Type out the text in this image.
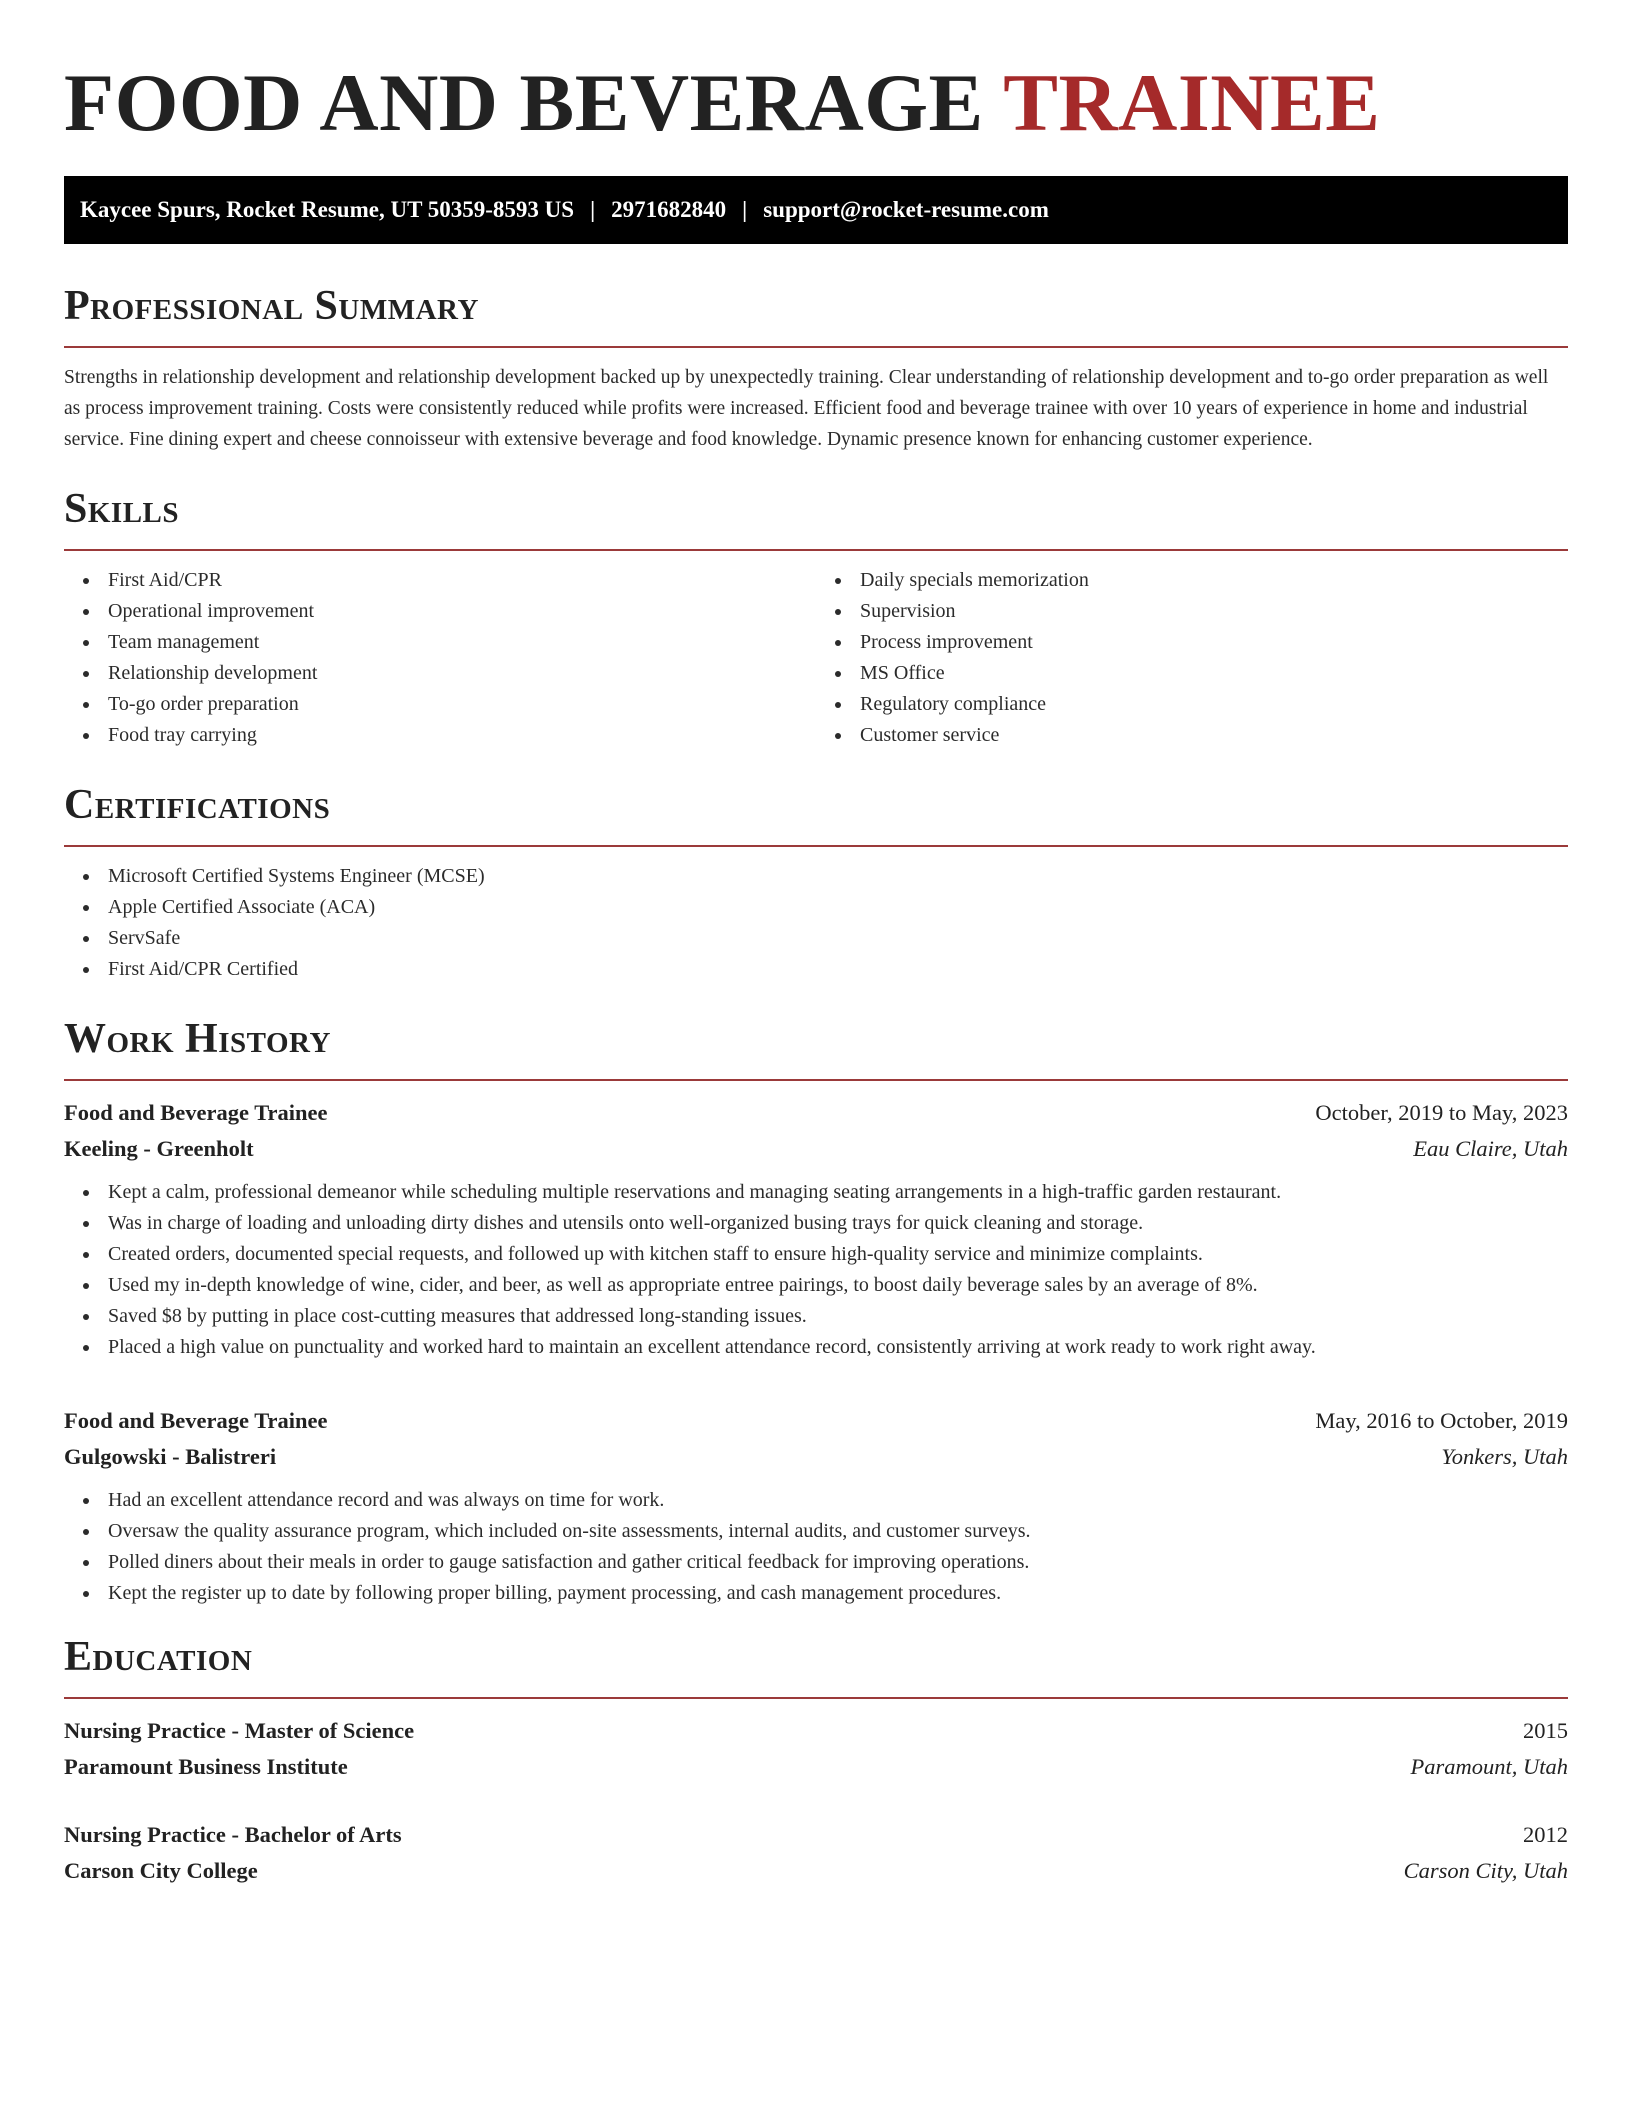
FOOD AND BEVERAGE TRAINEE
Kaycee Spurs, Rocket Resume, UT 50359-8593 US | 2971682840 | support@rocket-resume.com
Professional Summary

Strengths in relationship development and relationship development backed up by unexpectedly training. Clear understanding of relationship development and to-go order preparation as well as process improvement training. Costs were consistently reduced while profits were increased. Efficient food and beverage trainee with over 10 years of experience in home and industrial service. Fine dining expert and cheese connoisseur with extensive beverage and food knowledge. Dynamic presence known for enhancing customer experience.

Skills
First Aid/CPR
Operational improvement
Team management
Relationship development
To-go order preparation
Food tray carrying
Daily specials memorization
Supervision
Process improvement
MS Office
Regulatory compliance
Customer service
Certifications
Microsoft Certified Systems Engineer (MCSE)
Apple Certified Associate (ACA)
ServSafe
First Aid/CPR Certified
Work History
Food and Beverage Trainee	October, 2019 to May, 2023
Keeling - Greenholt	Eau Claire, Utah
Kept a calm, professional demeanor while scheduling multiple reservations and managing seating arrangements in a high-traffic garden restaurant.
Was in charge of loading and unloading dirty dishes and utensils onto well-organized busing trays for quick cleaning and storage.
Created orders, documented special requests, and followed up with kitchen staff to ensure high-quality service and minimize complaints.
Used my in-depth knowledge of wine, cider, and beer, as well as appropriate entree pairings, to boost daily beverage sales by an average of 8%.
Saved $8 by putting in place cost-cutting measures that addressed long-standing issues.
Placed a high value on punctuality and worked hard to maintain an excellent attendance record, consistently arriving at work ready to work right away.
Food and Beverage Trainee	May, 2016 to October, 2019
Gulgowski - Balistreri	Yonkers, Utah
Had an excellent attendance record and was always on time for work.
Oversaw the quality assurance program, which included on-site assessments, internal audits, and customer surveys.
Polled diners about their meals in order to gauge satisfaction and gather critical feedback for improving operations.
Kept the register up to date by following proper billing, payment processing, and cash management procedures.
Education
Nursing Practice - Master of Science	2015
Paramount Business Institute	Paramount, Utah
Nursing Practice - Bachelor of Arts	2012
Carson City College	Carson City, Utah
